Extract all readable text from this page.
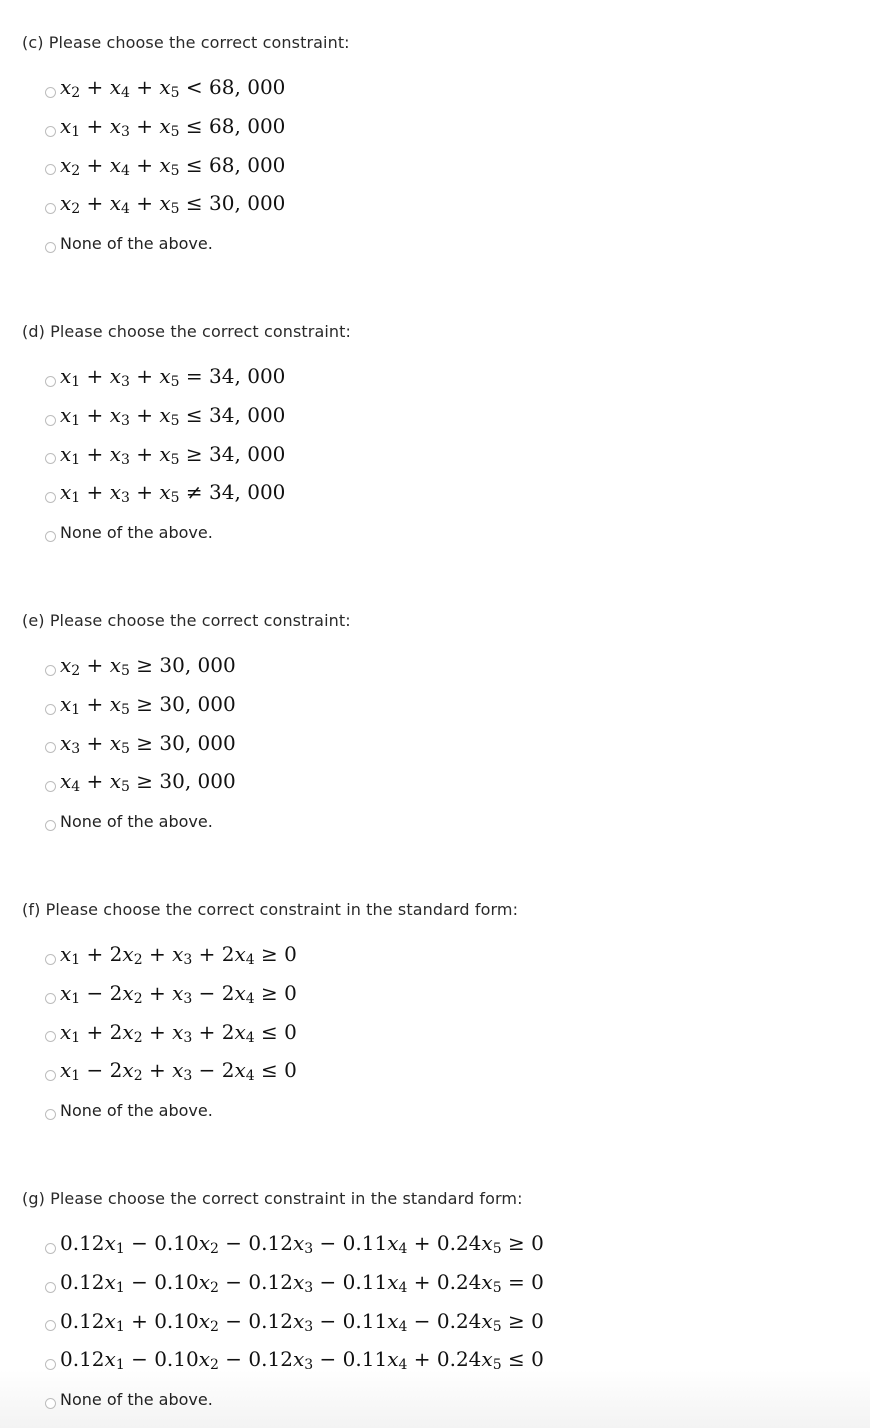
(c) Please choose the correct constraint:

$x_2 + x_4 + x_5 < 68$, 000
$x_1 + x_3 + x_5 \le 68$, 000
$x_2 + x_4 + x_5 \le 68$, 000
$x_2 + x_4 + x_5 \le 30$, 000
None of the above.

(d) Please choose the correct constraint:

$x_1 + x_3 + x_5 = 34$, 000
$x_1 + x_3 + x_5 \le 34$, 000
$x_1 + x_3 + x_5 \ge 34$, 000
$x_1 + x_3 + x_5 \ne 34$, 000
None of the above.

(e) Please choose the correct constraint:

$x_2 + x_5 \ge 30$, 000
$x_1 + x_5 \ge 30$, 000
$x_3 + x_5 \ge 30$, 000
$x_4 + x_5 \ge 30$, 000
None of the above.

(f) Please choose the correct constraint in the standard form:

$x_1 + 2x_2 + x_3 + 2x_4 \ge 0$
$x_1 - 2x_2 + x_3 - 2x_4 \ge 0$
$x_1 + 2x_2 + x_3 + 2x_4 \le 0$
$x_1 - 2x_2 + x_3 - 2x_4 \le 0$
None of the above.

(g) Please choose the correct constraint in the standard form:

$0.12x_1 - 0.10x_2 - 0.12x_3 - 0.11x_4 + 0.24x_5 \ge 0$
$0.12x_1 - 0.10x_2 - 0.12x_3 - 0.11x_4 + 0.24x_5 = 0$
$0.12x_1 + 0.10x_2 - 0.12x_3 - 0.11x_4 - 0.24x_5 \ge 0$
$0.12x_1 - 0.10x_2 - 0.12x_3 - 0.11x_4 + 0.24x_5 \le 0$
None of the above.
